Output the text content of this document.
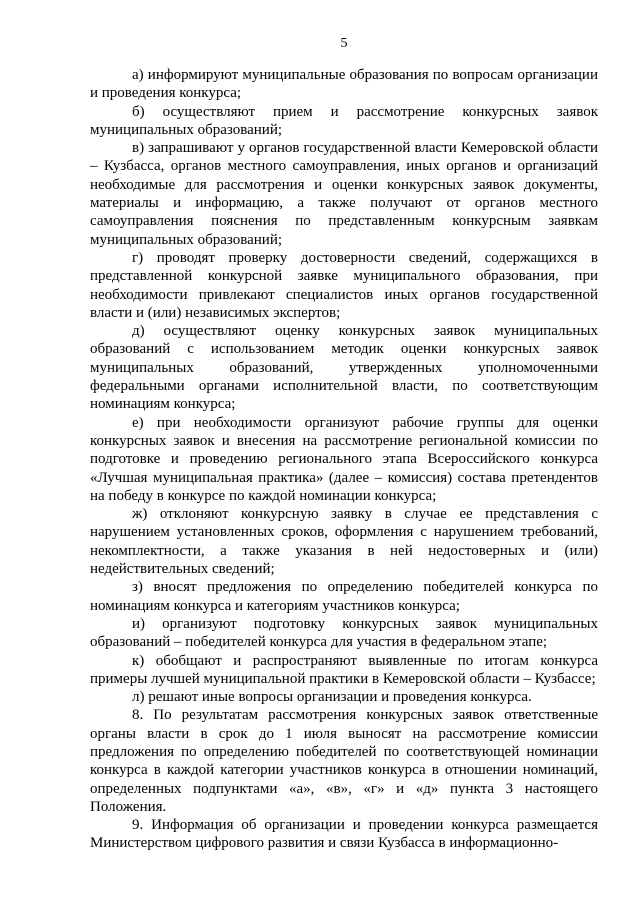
5

а) информируют муниципальные образования по вопросам организации и проведения конкурса;

б) осуществляют прием и рассмотрение конкурсных заявок муниципальных образований;

в) запрашивают у органов государственной власти Кемеровской области – Кузбасса, органов местного самоуправления, иных органов и организаций необходимые для рассмотрения и оценки конкурсных заявок документы, материалы и информацию, а также получают от органов местного самоуправления пояснения по представленным конкурсным заявкам муниципальных образований;

г) проводят проверку достоверности сведений, содержащихся в представленной конкурсной заявке муниципального образования, при необходимости привлекают специалистов иных органов государственной власти и (или) независимых экспертов;

д) осуществляют оценку конкурсных заявок муниципальных образований с использованием методик оценки конкурсных заявок муниципальных образований, утвержденных уполномоченными федеральными органами исполнительной власти, по соответствующим номинациям конкурса;

е) при необходимости организуют рабочие группы для оценки конкурсных заявок и внесения на рассмотрение региональной комиссии по подготовке и проведению регионального этапа Всероссийского конкурса «Лучшая муниципальная практика» (далее – комиссия) состава претендентов на победу в конкурсе по каждой номинации конкурса;

ж) отклоняют конкурсную заявку в случае ее представления с нарушением установленных сроков, оформления с нарушением требований, некомплектности, а также указания в ней недостоверных и (или) недействительных сведений;

з) вносят предложения по определению победителей конкурса по номинациям конкурса и категориям участников конкурса;

и) организуют подготовку конкурсных заявок муниципальных образований – победителей конкурса для участия в федеральном этапе;

к) обобщают и распространяют выявленные по итогам конкурса примеры лучшей муниципальной практики в Кемеровской области – Кузбассе;

л) решают иные вопросы организации и проведения конкурса.

8. По результатам рассмотрения конкурсных заявок ответственные органы власти в срок до 1 июля выносят на рассмотрение комиссии предложения по определению победителей по соответствующей номинации конкурса в каждой категории участников конкурса в отношении номинаций, определенных подпунктами «а», «в», «г» и «д» пункта 3 настоящего Положения.

9. Информация об организации и проведении конкурса размещается Министерством цифрового развития и связи Кузбасса в информационно-
